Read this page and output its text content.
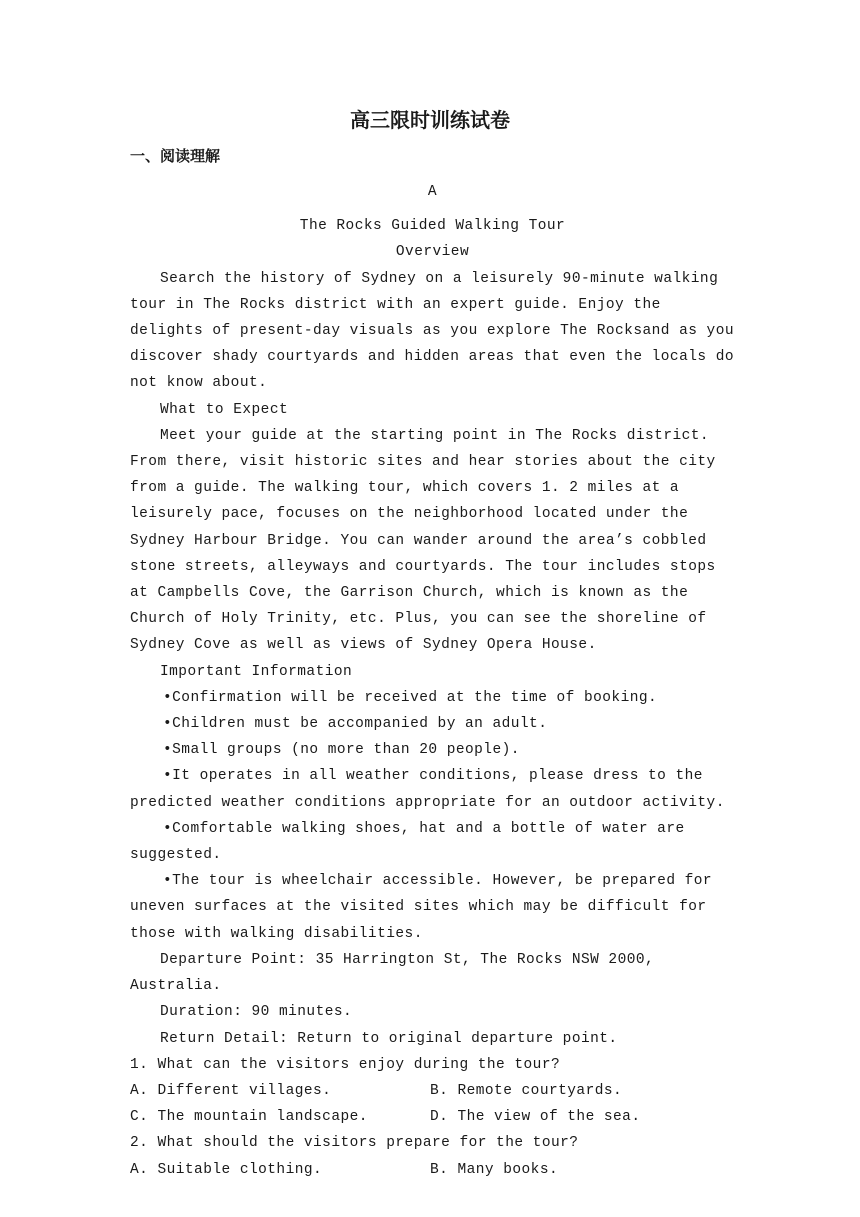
高三限时训练试卷
一、阅读理解

A

The Rocks Guided Walking Tour

Overview

Search the history of Sydney on a leisurely 90-minute walking tour in The Rocks district with an expert guide. Enjoy the delights of present-day visuals as you explore The Rocksand as you discover shady courtyards and hidden areas that even the locals do not know about.

What to Expect

Meet your guide at the starting point in The Rocks district. From there, visit historic sites and hear stories about the city from a guide. The walking tour, which covers 1. 2 miles at a leisurely pace, focuses on the neighborhood located under the Sydney Harbour Bridge. You can wander around the area’s cobbled stone streets, alleyways and courtyards. The tour includes stops at Campbells Cove, the Garrison Church, which is known as the Church of Holy Trinity, etc. Plus, you can see the shoreline of Sydney Cove as well as views of Sydney Opera House.

Important Information

•Confirmation will be received at the time of booking.

•Children must be accompanied by an adult.

•Small groups (no more than 20 people).

•It operates in all weather conditions, please dress to the predicted weather conditions appropriate for an outdoor activity.

•Comfortable walking shoes, hat and a bottle of water are suggested.

•The tour is wheelchair accessible. However, be prepared for uneven surfaces at the visited sites which may be difficult for those with walking disabilities.

Departure Point: 35 Harrington St, The Rocks NSW 2000, Australia.

Duration: 90 minutes.

Return Detail: Return to original departure point.

1. What can the visitors enjoy during the tour?

A. Different villages.	B. Remote courtyards.
C. The mountain landscape.	D. The view of the sea.

2. What should the visitors prepare for the tour?

A. Suitable clothing.	B. Many books.
